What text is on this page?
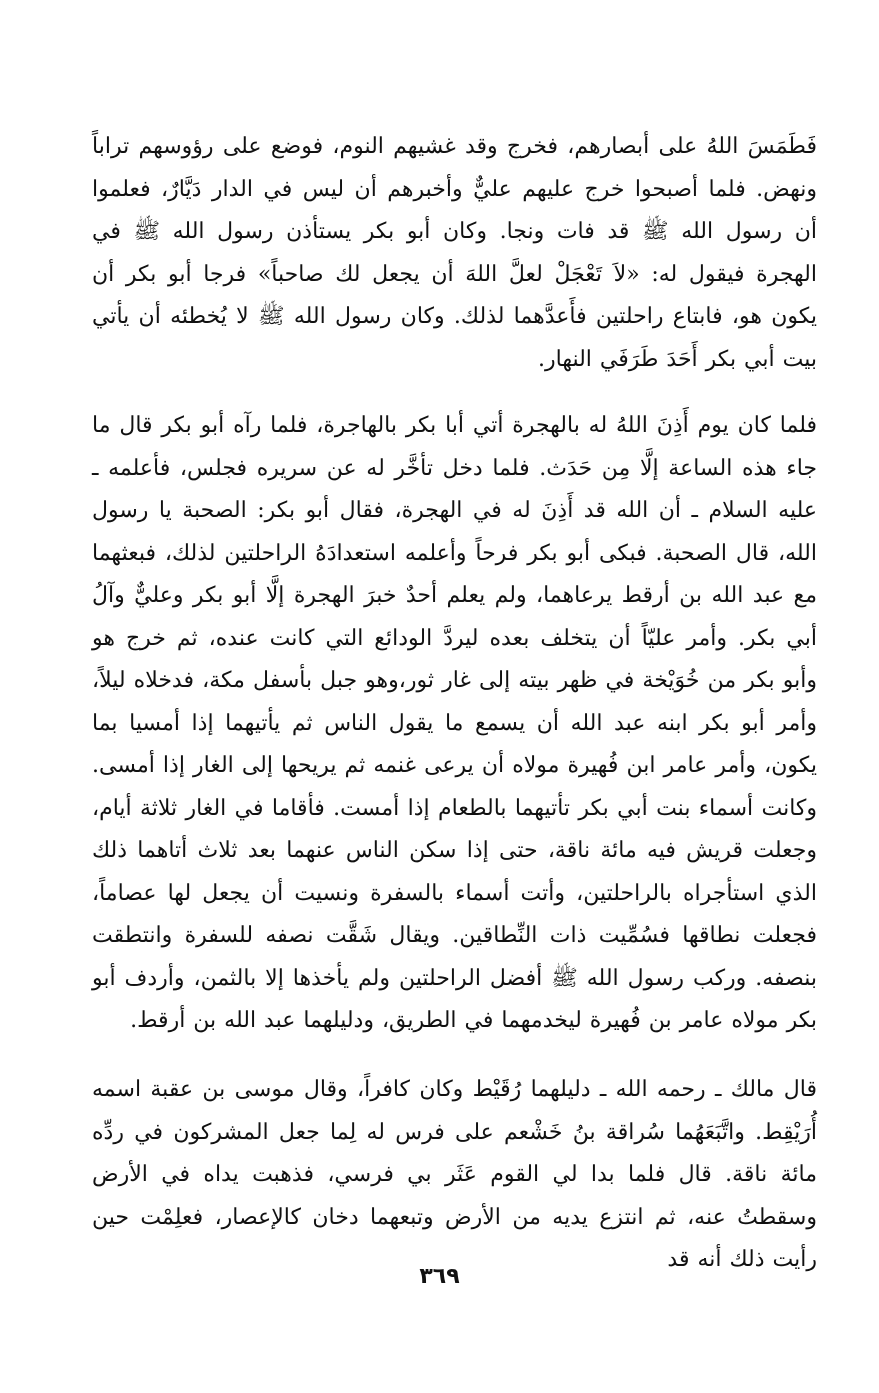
فَطَمَسَ اللهُ على أبصارهم، فخرج وقد غشيهم النوم، فوضع على رؤوسهم تراباً ونهض. فلما أصبحوا خرج عليهم عليٌّ وأخبرهم أن ليس في الدار دَيَّارٌ، فعلموا أن رسول الله ﷺ قد فات ونجا. وكان أبو بكر يستأذن رسول الله ﷺ في الهجرة فيقول له: «لاَ تَعْجَلْ لعلَّ اللهَ أن يجعل لك صاحباً» فرجا أبو بكر أن يكون هو، فابتاع راحلتين فأَعدَّهما لذلك. وكان رسول الله ﷺ لا يُخطئه أن يأتي بيت أبي بكر أَحَدَ طَرَفَي النهار.

فلما كان يوم أَذِنَ اللهُ له بالهجرة أتي أبا بكر بالهاجرة، فلما رآه أبو بكر قال ما جاء هذه الساعة إلَّا مِن حَدَث. فلما دخل تأخَّر له عن سريره فجلس، فأعلمه ـ عليه السلام ـ أن الله قد أَذِنَ له في الهجرة، فقال أبو بكر: الصحبة يا رسول الله، قال الصحبة. فبكى أبو بكر فرحاً وأعلمه استعدادَهُ الراحلتين لذلك، فبعثهما مع عبد الله بن أرقط يرعاهما، ولم يعلم أحدٌ خبرَ الهجرة إلَّا أبو بكر وعليٌّ وآلُ أبي بكر. وأمر عليّاً أن يتخلف بعده ليردَّ الودائع التي كانت عنده، ثم خرج هو وأبو بكر من خُوَيْخة في ظهر بيته إلى غار ثور،وهو جبل بأسفل مكة، فدخلاه ليلاً، وأمر أبو بكر ابنه عبد الله أن يسمع ما يقول الناس ثم يأتيهما إذا أمسيا بما يكون، وأمر عامر ابن فُهيرة مولاه أن يرعى غنمه ثم يريحها إلى الغار إذا أمسى. وكانت أسماء بنت أبي بكر تأتيهما بالطعام إذا أمست. فأقاما في الغار ثلاثة أيام، وجعلت قريش فيه مائة ناقة، حتى إذا سكن الناس عنهما بعد ثلاث أتاهما ذلك الذي استأجراه بالراحلتين، وأتت أسماء بالسفرة ونسيت أن يجعل لها عصاماً، فجعلت نطاقها فسُمِّيت ذات النِّطاقين. ويقال شَقَّت نصفه للسفرة وانتطقت بنصفه. وركب رسول الله ﷺ أفضل الراحلتين ولم يأخذها إلا بالثمن، وأردف أبو بكر مولاه عامر بن فُهيرة ليخدمهما في الطريق، ودليلهما عبد الله بن أرقط.

قال مالك ـ رحمه الله ـ دليلهما رُقَيْط وكان كافراً، وقال موسى بن عقبة اسمه أُرَيْقِط. واتَّبَعَهُما سُراقة بنُ خَشْعم على فرس له لِما جعل المشركون في ردِّه مائة ناقة. قال فلما بدا لي القوم عَثَر بي فرسي، فذهبت يداه في الأرض وسقطتُ عنه، ثم انتزع يديه من الأرض وتبعهما دخان كالإعصار، فعلِمْت حين رأيت ذلك أنه قد

٣٦٩
